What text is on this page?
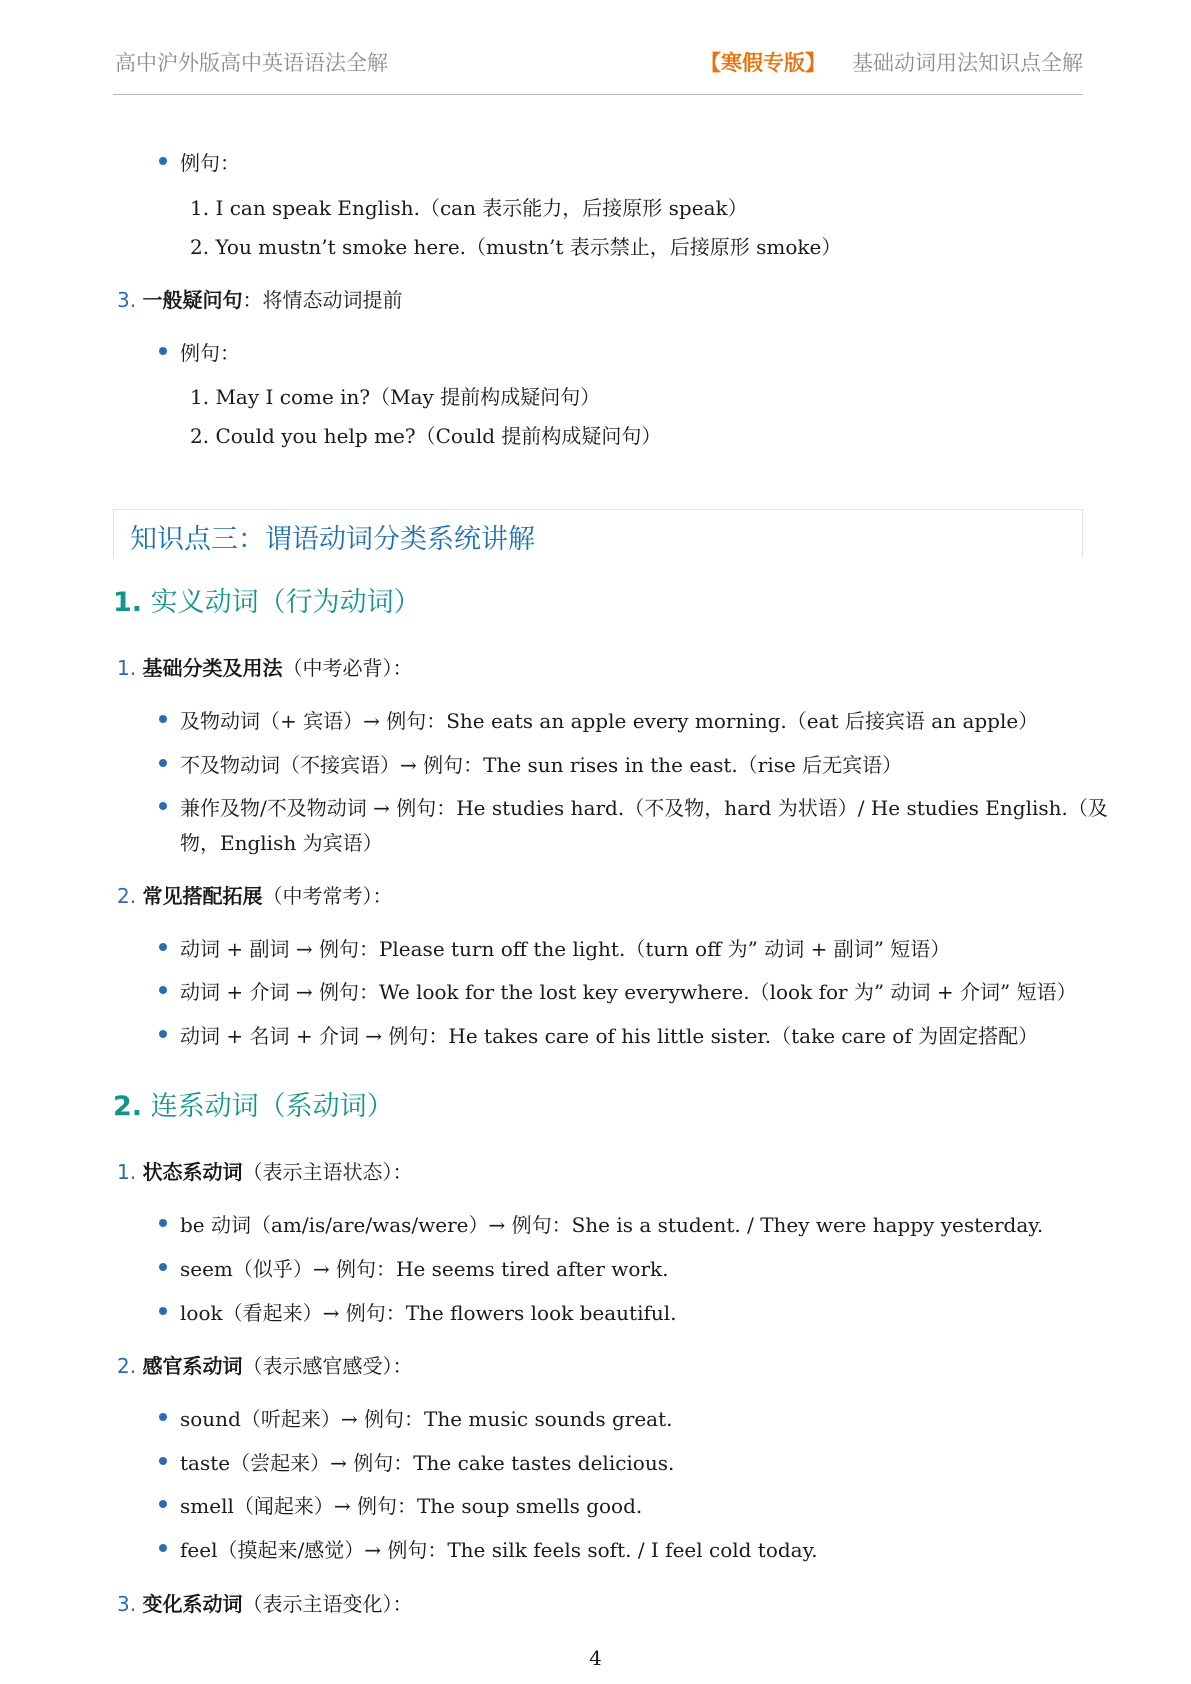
高中沪外版高中英语语法全解	【寒假专版】 基础动词用法知识点全解
例句：
1. I can speak English.（can 表示能力，后接原形 speak）
2. You mustn’t smoke here.（mustn’t 表示禁止，后接原形 smoke）
3. 一般疑问句：将情态动词提前
例句：
1. May I come in?（May 提前构成疑问句）
2. Could you help me?（Could 提前构成疑问句）
知识点三：谓语动词分类系统讲解
1. 实义动词（行为动词）
1. 基础分类及用法（中考必背）：
及物动词（+ 宾语）→ 例句：She eats an apple every morning.（eat 后接宾语 an apple）
不及物动词（不接宾语）→ 例句：The sun rises in the east.（rise 后无宾语）
兼作及物/不及物动词 → 例句：He studies hard.（不及物，hard 为状语）/ He studies English.（及
物，English 为宾语）
2. 常见搭配拓展（中考常考）：
动词 + 副词 → 例句：Please turn off the light.（turn off 为” 动词 + 副词” 短语）
动词 + 介词 → 例句：We look for the lost key everywhere.（look for 为” 动词 + 介词” 短语）
动词 + 名词 + 介词 → 例句：He takes care of his little sister.（take care of 为固定搭配）
2. 连系动词（系动词）
1. 状态系动词（表示主语状态）：
be 动词（am/is/are/was/were）→ 例句：She is a student. / They were happy yesterday.
seem（似乎）→ 例句：He seems tired after work.
look（看起来）→ 例句：The flowers look beautiful.
2. 感官系动词（表示感官感受）：
sound（听起来）→ 例句：The music sounds great.
taste（尝起来）→ 例句：The cake tastes delicious.
smell（闻起来）→ 例句：The soup smells good.
feel（摸起来/感觉）→ 例句：The silk feels soft. / I feel cold today.
3. 变化系动词（表示主语变化）：
4
